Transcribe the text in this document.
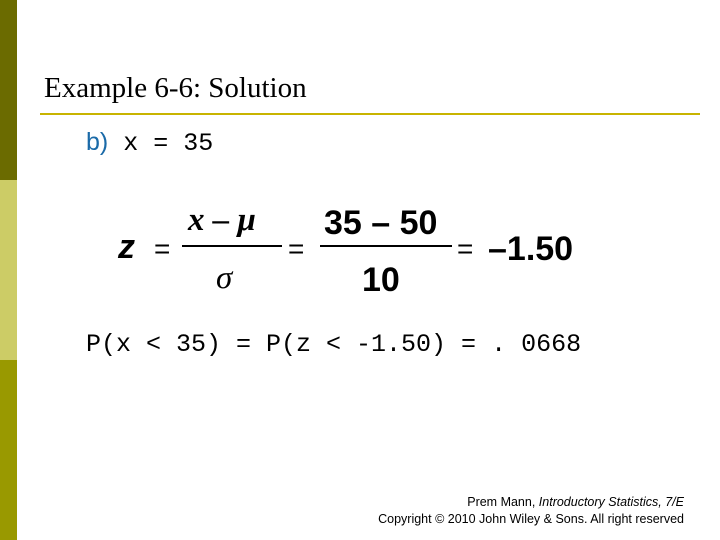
Example 6-6: Solution
b) x = 35
z =
x – μ
σ
=
35 – 50
10
= –1.50
P(x < 35) = P(z < -1.50) = . 0668
Prem Mann, Introductory Statistics, 7/E
Copyright © 2010 John Wiley & Sons. All right reserved
